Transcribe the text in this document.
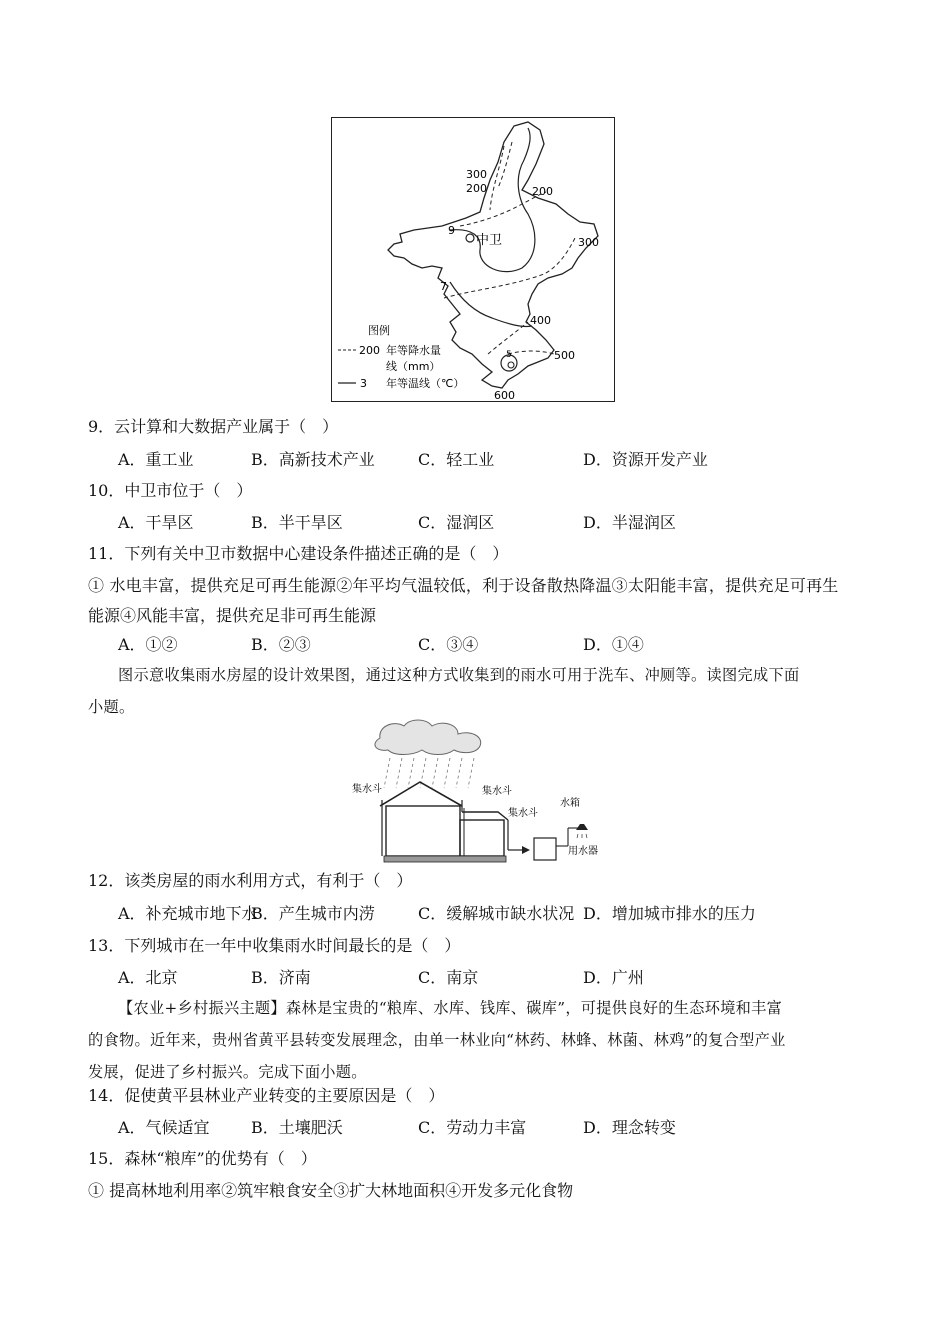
中卫
300
200	200
300
9
7
400
500
5
600
图例
200 年等降水量
线（mm）
3 年等温线（℃）
9．云计算和大数据产业属于（　）
A．重工业	B．高新技术产业	C．轻工业	D．资源开发产业
10．中卫市位于（　）
A．干旱区	B．半干旱区	C．湿润区	D．半湿润区
11．下列有关中卫市数据中心建设条件描述正确的是（　）
① 水电丰富，提供充足可再生能源②年平均气温较低，利于设备散热降温③太阳能丰富，提供充足可再生
能源④风能丰富，提供充足非可再生能源
A．①②	B．②③	C．③④	D．①④
图示意收集雨水房屋的设计效果图，通过这种方式收集到的雨水可用于洗车、冲厕等。读图完成下面
小题。
集水斗	集水斗
集水斗
水箱
用水器
12．该类房屋的雨水利用方式，有利于（　）
A．补充城市地下水
B．产生城市内涝	C．缓解城市缺水状况 D．增加城市排水的压力
13．下列城市在一年中收集雨水时间最长的是（　）
A．北京	B．济南	C．南京	D．广州
【农业+乡村振兴主题】森林是宝贵的“粮库、水库、钱库、碳库”，可提供良好的生态环境和丰富
的食物。近年来，贵州省黄平县转变发展理念，由单一林业向“林药、林蜂、林菌、林鸡”的复合型产业
发展，促进了乡村振兴。完成下面小题。
14．促使黄平县林业产业转变的主要原因是（　）
A．气候适宜	B．土壤肥沃	C．劳动力丰富	D．理念转变
15．森林“粮库”的优势有（　）
① 提高林地利用率②筑牢粮食安全③扩大林地面积④开发多元化食物
